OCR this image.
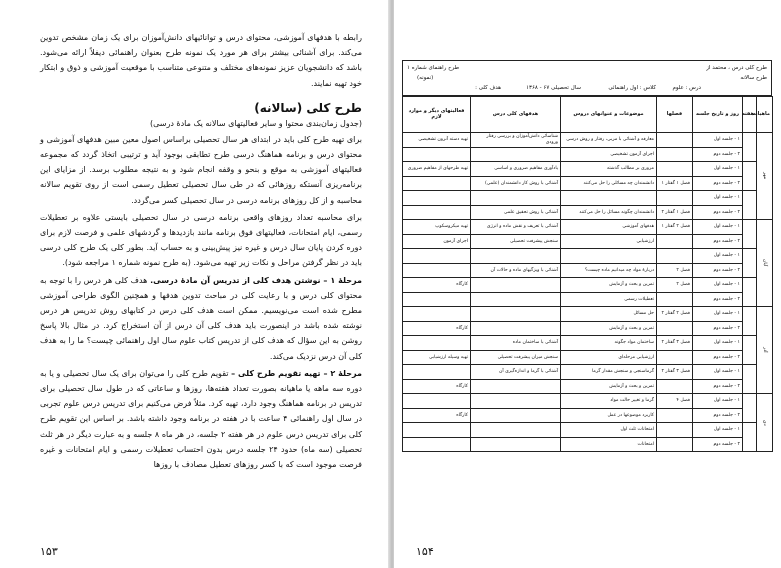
رابطه با هدفهای آموزشی، محتوای درس و توانائیهای دانش‌آموزان برای یک زمان مشخص تدوین می‌کند. برای آشنائی بیشتر برای هر مورد یک نمونه طرح بعنوان راهنمائی دیفلاً ارائه می‌شود. باشد که دانشجویان عزیز نمونه‌های مختلف و متنوعی متناسب با موقعیت آموزشی و ذوق و ابتکار خود تهیه نمایند.

طرح کلی (سالانه)
(جدول زمان‌بندی محتوا و سایر فعالیتهای سالانه یک مادهٔ درسی)

برای تهیه طرح کلی باید در ابتدای هر سال تحصیلی براساس اصول معین مبین هدفهای آموزشی و محتوای درس و برنامه هماهنگ درسی طرح تطابقی بوجود آید و ترتیبی اتخاذ گردد که مجموعه فعالیتهای آموزشی به موقع و بنحو و وقفه انجام شود و به نتیجه مطلوب برسد. از مزایای این برنامه‌ریزی آنستکه روزهائی که در طی سال تحصیلی تعطیل رسمی است از روی تقویم سالانه محاسبه و از کل روزهای برنامه درسی در سال تحصیلی کسر می‌گردد.

برای محاسبه تعداد روزهای واقعی برنامه درسی در سال تحصیلی بایستی علاوه بر تعطیلات رسمی، ایام امتحانات، فعالیتهای فوق برنامه مانند بازدیدها و گردشهای علمی و فرصت لازم برای دوره کردن پایان سال درس و غیره نیز پیش‌بینی و به حساب آید. بطور کلی یک طرح کلی درسی باید در نظر گرفتن مراحل و نکات زیر تهیه می‌شود. (به طرح نمونه شماره ۱ مراجعه شود).

مرحلهٔ ۱ – نوشتن هدف کلی از تدریس آن مادهٔ درسی. هدف کلی هر درس را با توجه به محتوای کلی درس و با رعایت کلی در مباحث تدوین هدفها و همچنین الگوی طراحی آموزشی مطرح شده است می‌نویسیم. ممکن است هدف کلی درس در کتابهای روش تدریس هر درس نوشته شده باشد در اینصورت باید هدف کلی آن درس از آن استخراج کرد. در مثال بالا پاسخ روشن به این سؤال که هدف کلی از تدریس کتاب علوم سال اول راهنمائی چیست؟ ما را به هدف کلی آن درس نزدیک می‌کند.

مرحلهٔ ۲ – تهیه تقویم طرح کلی – تقویم طرح کلی را می‌توان برای یک سال تحصیلی و یا به دوره سه ماهه یا ماهیانه بصورت تعداد هفته‌ها، روزها و ساعاتی که در طول سال تحصیلی برای تدریس در برنامه هماهنگ وجود دارد، تهیه کرد. مثلاً فرض می‌کنیم برای تدریس درس علوم تجربی در سال اول راهنمائی ۴ ساعت با در هفته در برنامه وجود داشته باشد. بر اساس این تقویم طرح کلی برای تدریس درس علوم در هر هفته ۲ جلسه، در هر ماه ۸ جلسه و به عبارت دیگر در هر ثلث تحصیلی (سه ماه) حدود ۲۴ جلسه درس بدون احتساب تعطیلات رسمی و ایام امتحانات و غیره فرصت موجود است که با کسر روزهای تعطیل مصادف با روزها

۱۵۳
طرح راهنمای شماره ۱
(نمونه)
طرح کلی درس ، محتمد از
طرح سالانه
درس : علوم
کلاس : اول راهنمائی
سال تحصیلی ۶۷ - ۱۳۶۸
هدف کلی :
ماهیانه	هفته	روز و تاریخ جلسه	فصلها	موضوعات و عنوانهای دروس	هدفهای کلی درس	فعالیتهای دیگر و موارد لازم
مهر		۱ - جلسه اول		معارفه و آشنائی با مربی، رفتار و روش درسی	شناسائی دانش‌آموزان و بررسی رفتار ورودی	تهیه دسته آنرون تشخیصی
		۲ - جلسه دوم		اجرای آزمون تشخیصی		
		۱ - جلسه اول		مروری بر مطالب گذشته	یادآوری مفاهیم ضروری و اساسی	تهیه طرحهای از مفاهیم ضروری
		۲ - جلسه دوم	فصل ۱ گفتار ۱	دانشمندان چه مسائلی را حل می‌کنند	آشنائی با روش کار دانشمندان (علمی)	
		۱ - جلسه اول				
		۲ - جلسه دوم	فصل ۱ گفتار ۲	دانشمندان چگونه مسائل را حل می‌کنند	آشنائی با روش تحقیق علمی	
آبان		۱ - جلسه اول	فصل ۲ گفتار ۱	هدفهای آموزشی	آشنائی با تعریف و نقش ماده و انرژی	تهیه میکروسکوپ
		۲ - جلسه دوم		ارزشیابی	سنجش پیشرفت تحصیلی	اجرای آزمون
		۱ - جلسه اول				
		۲ - جلسه دوم	فصل ۲	دربارهٔ مواد چه میدانیم ماده چیست؟	آشنائی با ویژگیهای ماده و حالات آن	
		۱ - جلسه اول	فصل ۲	تمرین و بحث و آزمایش		کارگاه
		۲ - جلسه دوم		تعطیلات رسمی		
آذر		۱ - جلسه اول	فصل ۲ گفتار ۲	حل مسائل		
		۲ - جلسه دوم		تمرین و بحث و آزمایش		کارگاه
		۱ - جلسه اول	فصل ۳ گفتار ۲	ساختمان مواد جگونه	آشنائی با ساختمان ماده	
		۲ - جلسه دوم		ارزشیابی مرحله‌ای	سنجش میزان پیشرفت تحصیلی	تهیه وسیله ارزشیابی
		۱ - جلسه اول	فصل ۳ گفتار ۲	گرماسنجی و سنجش مقدار گرما	آشنائی با گرما و اندازه‌گیری آن	
		۲ - جلسه دوم		تمرین و بحث و آزمایش		کارگاه
دی		۱ - جلسه اول	فصل ۴	گرما و تغییر حالت مواد		
		۲ - جلسه دوم		کاربرد موضوعها در عمل		کارگاه
		۱ - جلسه اول		امتحانات ثلث اول		
		۲ - جلسه دوم		امتحانات		
۱۵۴
